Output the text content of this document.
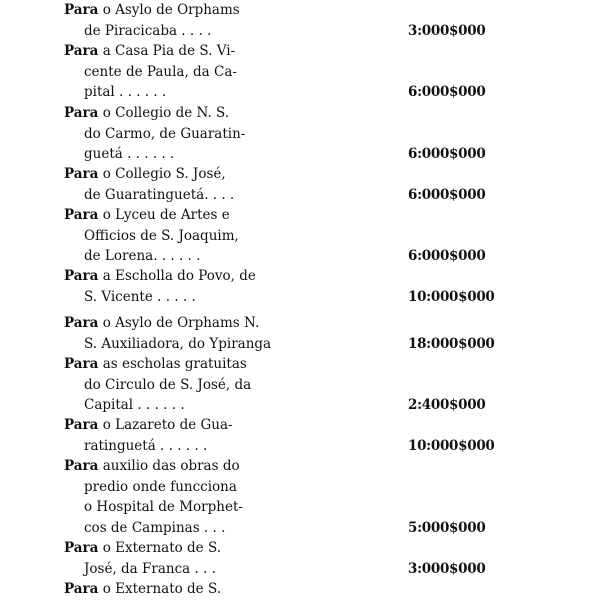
Para o Asylo de Orphams
de Piracicaba . . . .	3:000$000
Para a Casa Pia de S. Vi-
cente de Paula, da Ca-
pital . . . . . .	6:000$000
Para o Collegio de N. S.
do Carmo, de Guaratin-
guetá . . . . . .	6:000$000
Para o Collegio S. José,
de Guaratinguetá. . . .	6:000$000
Para o Lyceu de Artes e
Officios de S. Joaquim,
de Lorena. . . . . .	6:000$000
Para a Escholla do Povo, de
S. Vicente . . . . .	10:000$000
Para o Asylo de Orphams N.
S. Auxiliadora, do Ypiranga	18:000$000
Para as escholas gratuitas
do Circulo de S. José, da
Capital . . . . . .	2:400$000
Para o Lazareto de Gua-
ratinguetá . . . . . .	10:000$000
Para auxilio das obras do
predio onde funcciona
o Hospital de Morphet-
cos de Campinas . . .	5:000$000
Para o Externato de S.
José, da Franca . . .	3:000$000
Para o Externato de S.
